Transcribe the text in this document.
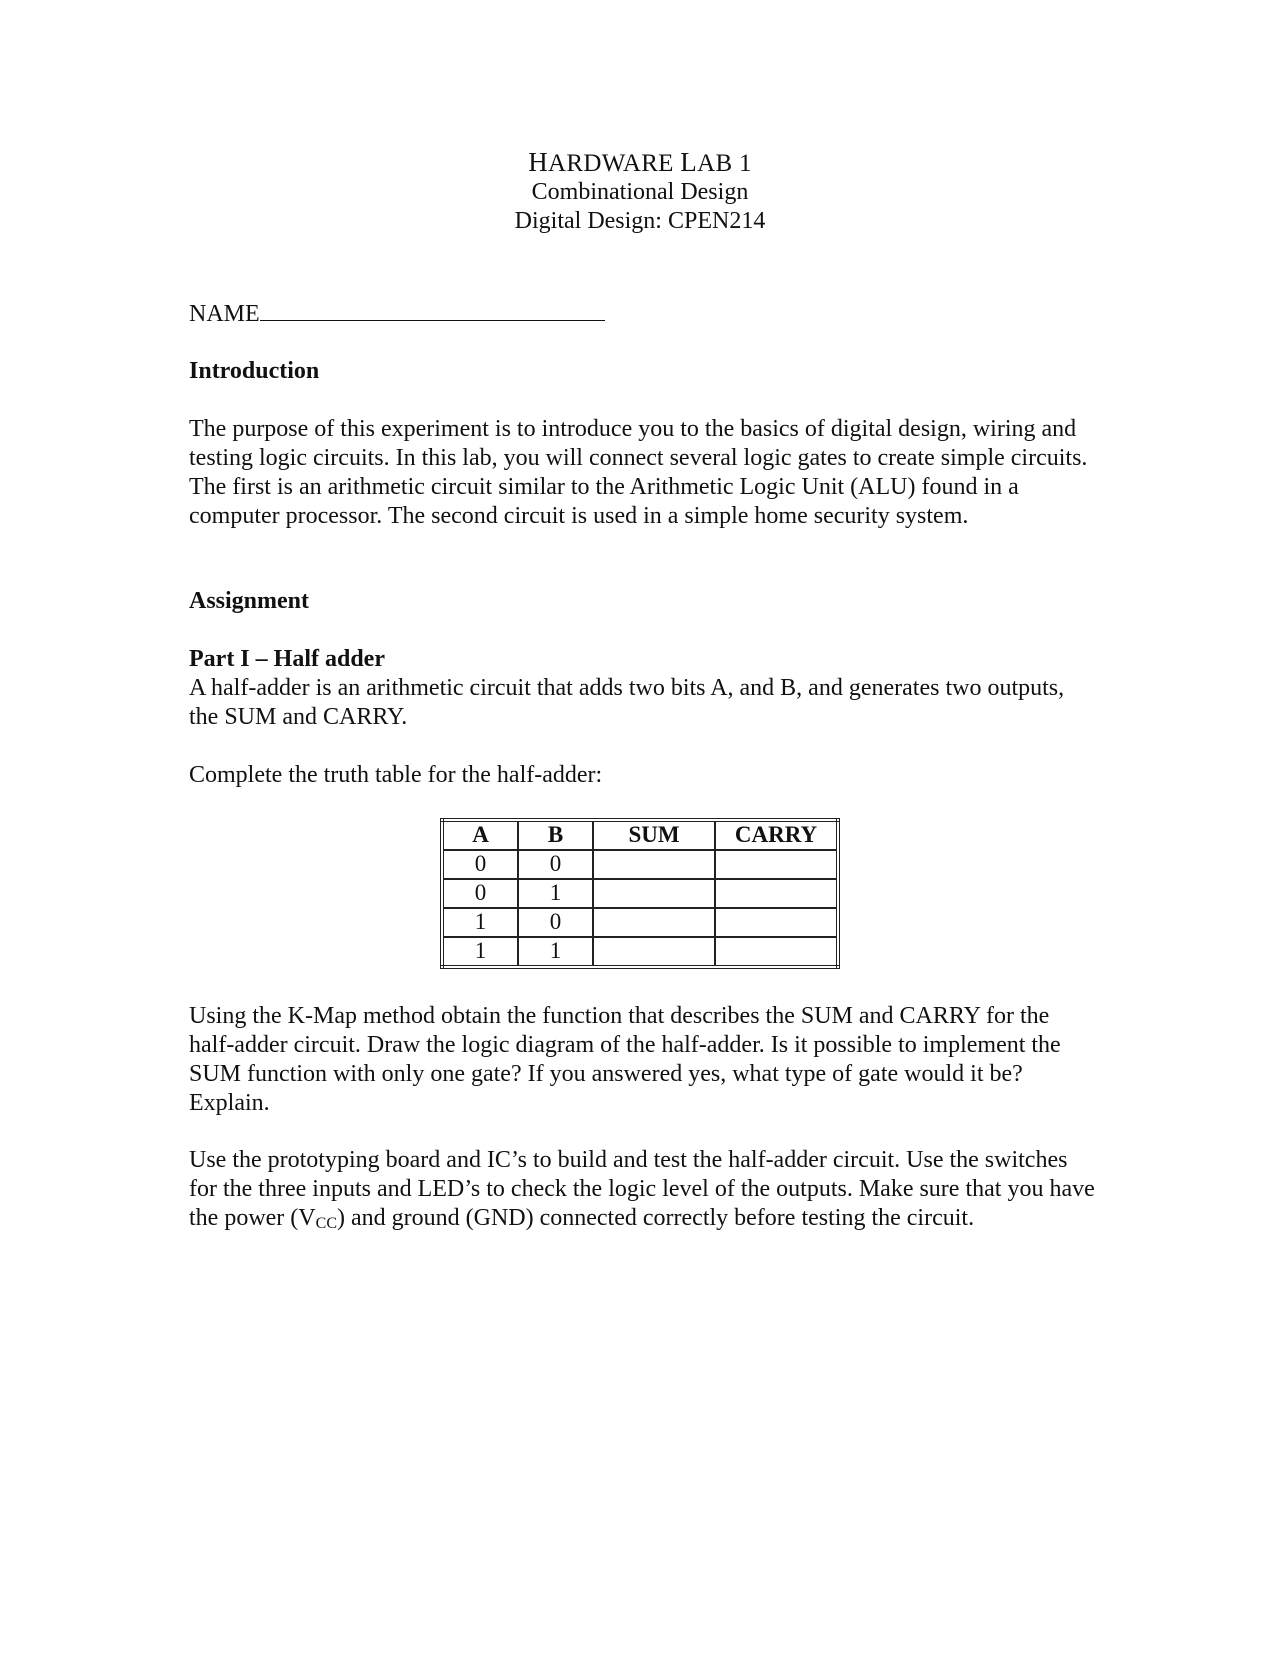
HARDWARE LAB 1
Combinational Design
Digital Design: CPEN214
NAME
Introduction

The purpose of this experiment is to introduce you to the basics of digital design, wiring and testing logic circuits. In this lab, you will connect several logic gates to create simple circuits. The first is an arithmetic circuit similar to the Arithmetic Logic Unit (ALU) found in a computer processor. The second circuit is used in a simple home security system.

Assignment
Part I – Half adder

A half-adder is an arithmetic circuit that adds two bits A, and B, and generates two outputs, the SUM and CARRY.

Complete the truth table for the half-adder:

A	B	SUM	CARRY
0	0		
0	1		
1	0		
1	1		

Using the K-Map method obtain the function that describes the SUM and CARRY for the half-adder circuit. Draw the logic diagram of the half-adder. Is it possible to implement the SUM function with only one gate? If you answered yes, what type of gate would it be? Explain.

Use the prototyping board and IC’s to build and test the half-adder circuit. Use the switches for the three inputs and LED’s to check the logic level of the outputs. Make sure that you have the power $(V_{CC})$ and ground (GND) connected correctly before testing the circuit.
